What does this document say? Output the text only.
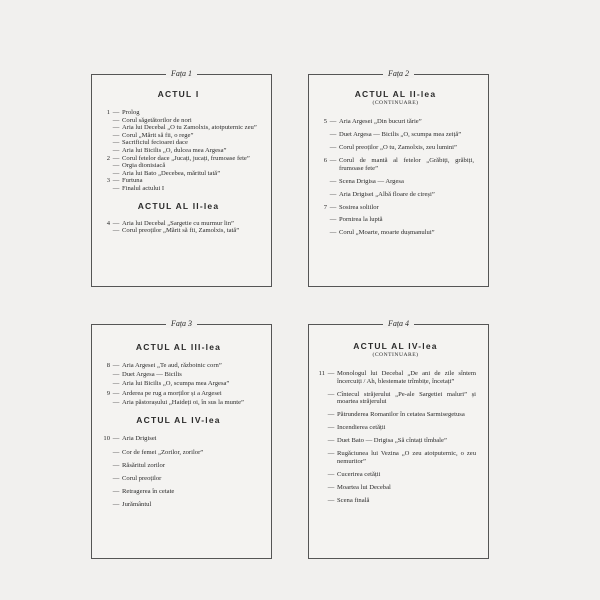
Fața 1

ACTUL I

1 — Prolog
— Corul săgetătorilor de nori
— Aria lui Decebal „O tu Zamolxis, atotputernic zeu”
— Corul „Mărit să fii, o rege”
— Sacrificiul fecioarei dace
— Aria lui Bicilis „O, dulcea mea Argesa”
2 — Corul fetelor dace „Jucați, jucați, frumoase fete”
— Orgia dionisiacă
— Aria lui Bato „Decebea, măritul tată”
3 — Furtuna
— Finalul actului I

ACTUL AL II-lea

4 — Aria lui Decebal „Sargetie cu murmur lin”
— Corul preoților „Mărit să fii, Zamolxis, tată”
Fața 2

ACTUL AL II-lea

(CONTINUARE)

5 — Aria Argesei „Din bucuri tărie”
— Duet Argesa — Bicilis „O, scumpa mea zeiță”
— Corul preoților „O tu, Zamolxis, zeu lumini”
6 — Corul de mantă al fetelor „Grăbiți, grăbiți, frumoase fete”
— Scena Drigisa — Argesa
— Aria Drigisei „Albă floare de cireși”
7 — Sosirea soliilor
— Pornirea la luptă
— Corul „Moarte, moarte dușmanului”
Fața 3

ACTUL AL III-lea

8 — Aria Argesei „Te aud, războinic corn”
— Duet Argesa — Bicilis
— Aria lui Bicilis „O, scumpa mea Argesa”
9 — Arderea pe rug a morților și a Argesei
— Aria păstorașului „Haideți oi, în sus la munte”

ACTUL AL IV-lea

10 — Aria Drigisei
— Cor de femei „Zorilor, zorilor”
— Răsăritul zorilor
— Corul preoților
— Retragerea în cetate
— Jurământul
Fața 4

ACTUL AL IV-lea

(CONTINUARE)

11 — Monologul lui Decebal „De ani de zile sîntem încercuiți / Ah, blestemate trîmbițe, încetați”
— Cîntecul străjerului „Pe-ale Sargetiei maluri” și moartea străjerului
— Pătrunderea Romanilor în cetatea Sarmisegetusa
— Incendierea cetății
— Duet Bato — Drigisa „Să cîntați tîmbale”
— Rugăciunea lui Vezina „O zeu atotputernic, o zeu nemuritor”
— Cucerirea cetății
— Moartea lui Decebal
— Scena finală
